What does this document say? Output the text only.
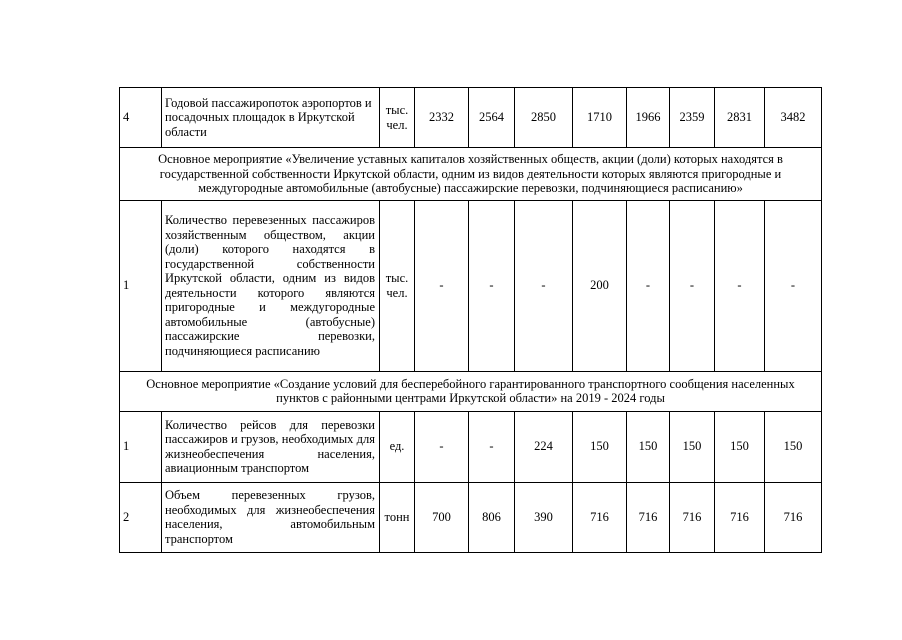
4	Годовой пассажиропоток аэропортов и посадочных площадок в Иркутской области	тыс. чел.	2332	2564	2850	1710	1966	2359	2831	3482
Основное мероприятие «Увеличение уставных капиталов хозяйственных обществ, акции (доли) которых находятся в государственной собственности Иркутской области, одним из видов деятельности которых являются пригородные и междугородные автомобильные (автобусные) пассажирские перевозки, подчиняющиеся расписанию»										
1	Количество перевезенных пассажиров хозяйственным обществом, акции (доли) которого находятся в государственной собственности Иркутской области, одним из видов деятельности которого являются пригородные и междугородные автомобильные (автобусные) пассажирские перевозки, подчиняющиеся расписанию	тыс. чел.	-	-	-	200	-	-	-	-
Основное мероприятие «Создание условий для бесперебойного гарантированного транспортного сообщения населенных пунктов с районными центрами Иркутской области» на 2019 - 2024 годы										
1	Количество рейсов для перевозки пассажиров и грузов, необходимых для жизнеобеспечения населения, авиационным транспортом	ед.	-	-	224	150	150	150	150	150
2	Объем перевезенных грузов, необходимых для жизнеобеспечения населения, автомобильным транспортом	тонн	700	806	390	716	716	716	716	716
